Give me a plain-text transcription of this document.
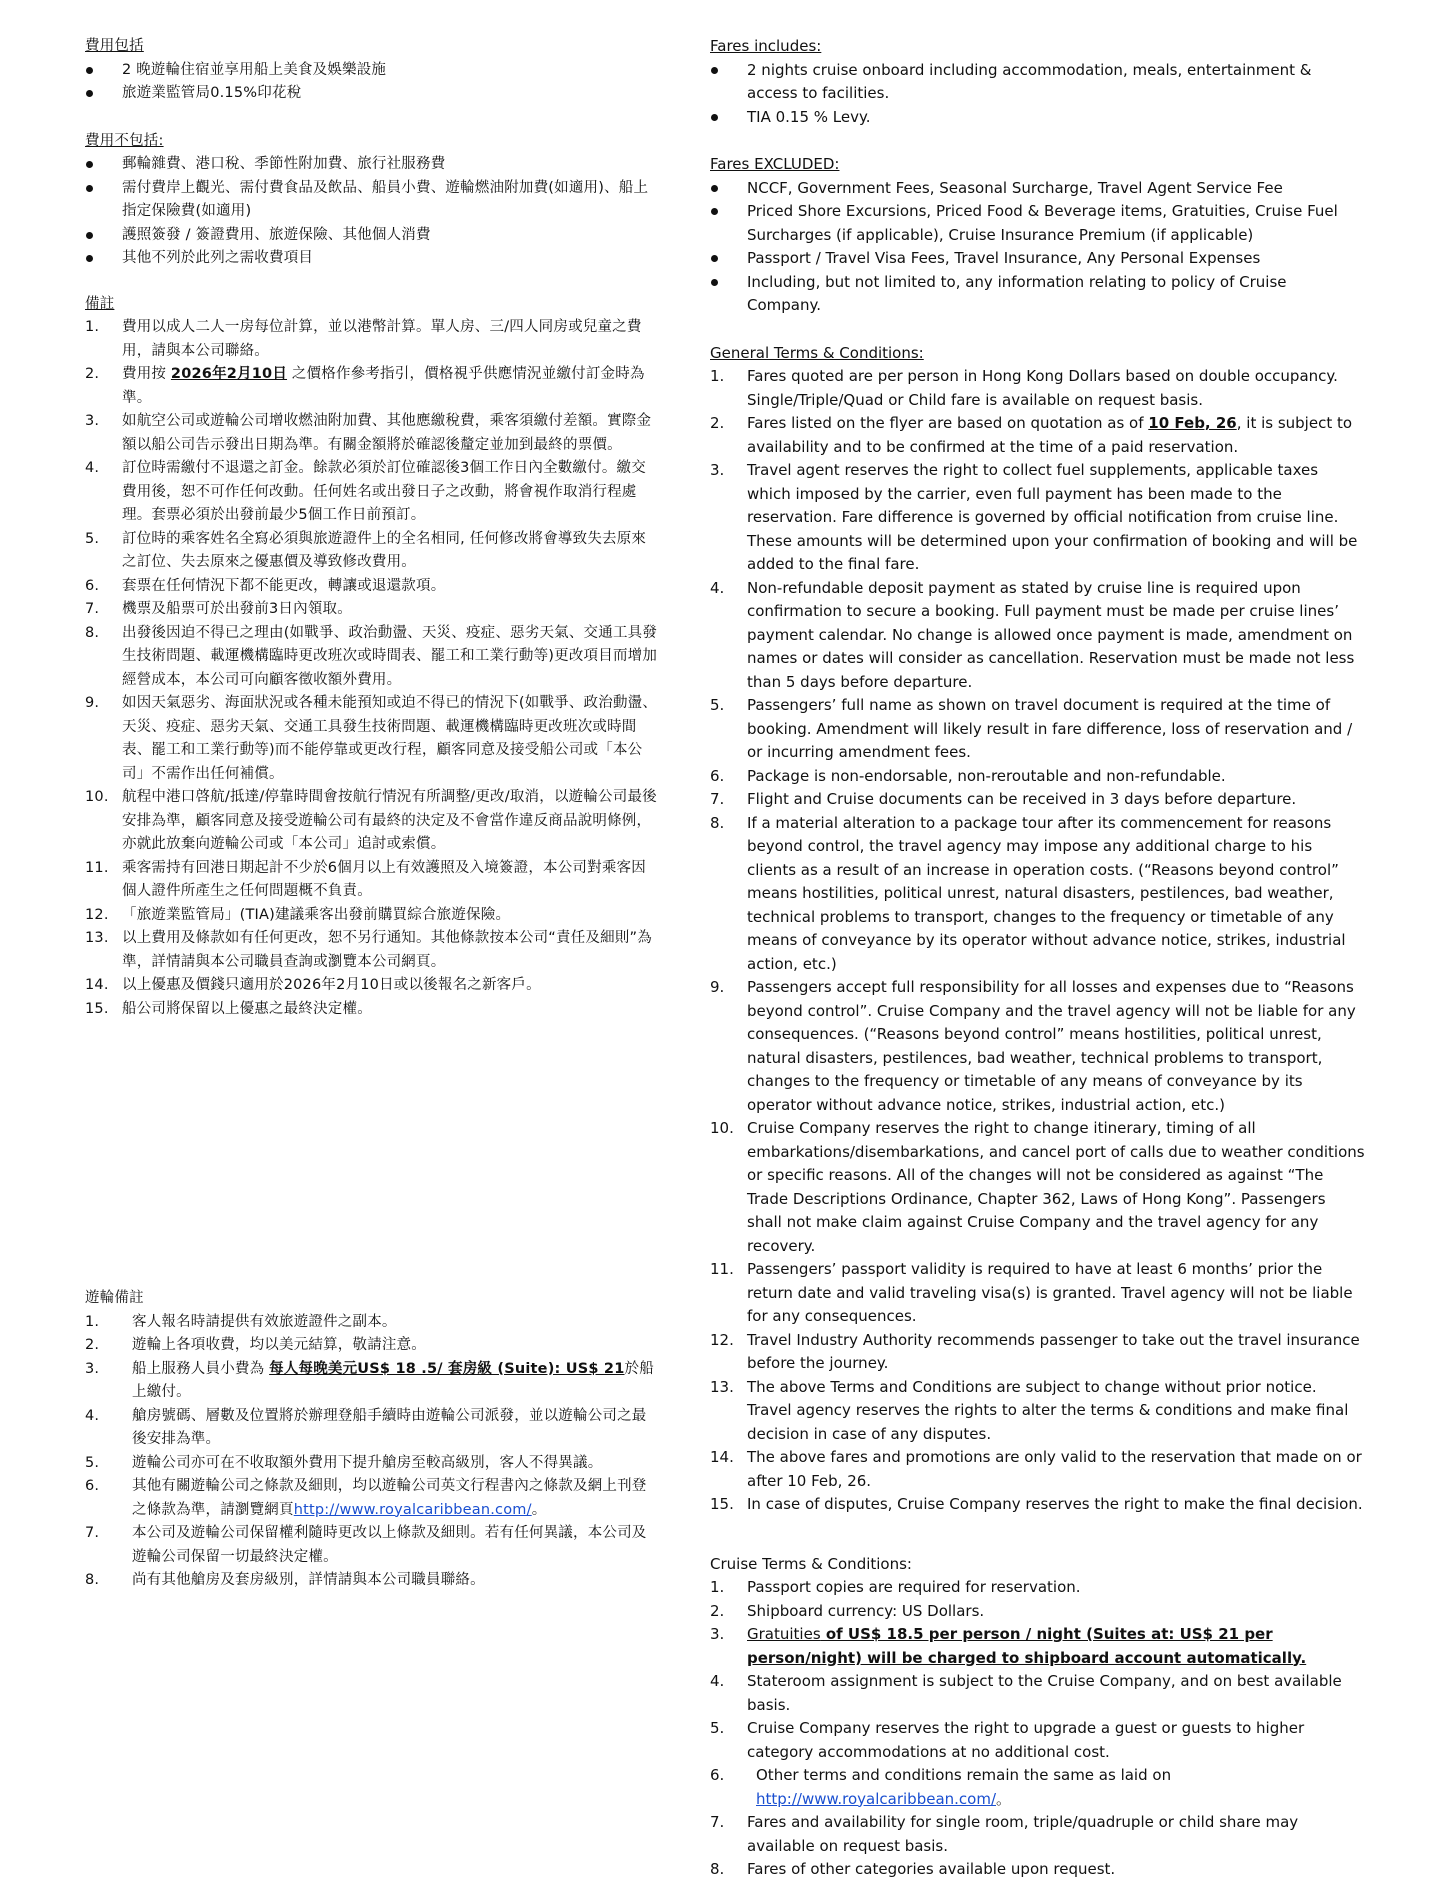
費用包括

2 晚遊輪住宿並享用船上美食及娛樂設施
旅遊業監管局0.15%印花稅

費用不包括:

郵輪雜費、港口稅、季節性附加費、旅行社服務費
需付費岸上觀光、需付費食品及飲品、船員小費、遊輪燃油附加費(如適用)、船上指定保險費(如適用)
護照簽發 / 簽證費用、旅遊保險、其他個人消費
其他不列於此列之需收費項目

備註

1. 費用以成人二人一房每位計算，並以港幣計算。單人房、三/四人同房或兒童之費用，請與本公司聯絡。
2. 費用按 2026年2月10日 之價格作參考指引，價格視乎供應情況並繳付訂金時為準。
3. 如航空公司或遊輪公司增收燃油附加費、其他應繳稅費，乘客須繳付差額。實際金額以船公司告示發出日期為準。有關金額將於確認後釐定並加到最終的票價。
4. 訂位時需繳付不退還之訂金。餘款必須於訂位確認後3個工作日內全數繳付。繳交費用後，恕不可作任何改動。任何姓名或出發日子之改動，將會視作取消行程處理。套票必須於出發前最少5個工作日前預訂。
5. 訂位時的乘客姓名全寫必須與旅遊證件上的全名相同, 任何修改將會導致失去原來之訂位、失去原來之優惠價及導致修改費用。
6. 套票在任何情況下都不能更改，轉讓或退還款項。
7. 機票及船票可於出發前3日內領取。
8. 出發後因迫不得已之理由(如戰爭、政治動盪、天災、疫症、惡劣天氣、交通工具發生技術問題、載運機構臨時更改班次或時間表、罷工和工業行動等)更改項目而增加經營成本，本公司可向顧客徵收額外費用。
9. 如因天氣惡劣、海面狀況或各種未能預知或迫不得已的情況下(如戰爭、政治動盪、天災、疫症、惡劣天氣、交通工具發生技術問題、載運機構臨時更改班次或時間表、罷工和工業行動等)而不能停靠或更改行程，顧客同意及接受船公司或「本公司」不需作出任何補償。
10. 航程中港口啓航/抵達/停靠時間會按航行情況有所調整/更改/取消，以遊輪公司最後安排為準，顧客同意及接受遊輪公司有最終的決定及不會當作違反商品說明條例，亦就此放棄向遊輪公司或「本公司」追討或索償。
11. 乘客需持有回港日期起計不少於6個月以上有效護照及入境簽證，本公司對乘客因個人證件所產生之任何問題概不負責。
12. 「旅遊業監管局」(TIA)建議乘客出發前購買綜合旅遊保險。
13. 以上費用及條款如有任何更改，恕不另行通知。其他條款按本公司“責任及細則”為準，詳情請與本公司職員查詢或瀏覽本公司網頁。
14. 以上優惠及價錢只適用於2026年2月10日或以後報名之新客戶。
15. 船公司將保留以上優惠之最終決定權。

遊輪備註

1. 客人報名時請提供有效旅遊證件之副本。
2. 遊輪上各項收費，均以美元結算，敬請注意。
3. 船上服務人員小費為 每人每晚美元US$ 18 .5/ 套房級 (Suite): US$ 21於船上繳付。
4. 艙房號碼、層數及位置將於辦理登船手續時由遊輪公司派發，並以遊輪公司之最後安排為準。
5. 遊輪公司亦可在不收取額外費用下提升艙房至較高級別，客人不得異議。
6. 其他有關遊輪公司之條款及細則，均以遊輪公司英文行程書內之條款及網上刊登之條款為準，請瀏覽網頁http://www.royalcaribbean.com/。
7. 本公司及遊輪公司保留權利隨時更改以上條款及細則。若有任何異議，本公司及遊輪公司保留一切最終決定權。
8. 尚有其他艙房及套房級別，詳情請與本公司職員聯絡。

Fares includes:

2 nights cruise onboard including accommodation, meals, entertainment & access to facilities.
TIA 0.15 % Levy.

Fares EXCLUDED:

NCCF, Government Fees, Seasonal Surcharge, Travel Agent Service Fee
Priced Shore Excursions, Priced Food & Beverage items, Gratuities, Cruise Fuel Surcharges (if applicable), Cruise Insurance Premium (if applicable)
Passport / Travel Visa Fees, Travel Insurance, Any Personal Expenses
Including, but not limited to, any information relating to policy of Cruise Company.

General Terms & Conditions:

1. Fares quoted are per person in Hong Kong Dollars based on double occupancy. Single/Triple/Quad or Child fare is available on request basis.
2. Fares listed on the flyer are based on quotation as of 10 Feb, 26, it is subject to availability and to be confirmed at the time of a paid reservation.
3. Travel agent reserves the right to collect fuel supplements, applicable taxes which imposed by the carrier, even full payment has been made to the reservation. Fare difference is governed by official notification from cruise line. These amounts will be determined upon your confirmation of booking and will be added to the final fare.
4. Non-refundable deposit payment as stated by cruise line is required upon confirmation to secure a booking. Full payment must be made per cruise lines’ payment calendar. No change is allowed once payment is made, amendment on names or dates will consider as cancellation. Reservation must be made not less than 5 days before departure.
5. Passengers’ full name as shown on travel document is required at the time of booking. Amendment will likely result in fare difference, loss of reservation and / or incurring amendment fees.
6. Package is non-endorsable, non-reroutable and non-refundable.
7. Flight and Cruise documents can be received in 3 days before departure.
8. If a material alteration to a package tour after its commencement for reasons beyond control, the travel agency may impose any additional charge to his clients as a result of an increase in operation costs. (“Reasons beyond control” means hostilities, political unrest, natural disasters, pestilences, bad weather, technical problems to transport, changes to the frequency or timetable of any means of conveyance by its operator without advance notice, strikes, industrial action, etc.)
9. Passengers accept full responsibility for all losses and expenses due to “Reasons beyond control”. Cruise Company and the travel agency will not be liable for any consequences. (“Reasons beyond control” means hostilities, political unrest, natural disasters, pestilences, bad weather, technical problems to transport, changes to the frequency or timetable of any means of conveyance by its operator without advance notice, strikes, industrial action, etc.)
10. Cruise Company reserves the right to change itinerary, timing of all embarkations/disembarkations, and cancel port of calls due to weather conditions or specific reasons. All of the changes will not be considered as against “The Trade Descriptions Ordinance, Chapter 362, Laws of Hong Kong”. Passengers shall not make claim against Cruise Company and the travel agency for any recovery.
11. Passengers’ passport validity is required to have at least 6 months’ prior the return date and valid traveling visa(s) is granted. Travel agency will not be liable for any consequences.
12. Travel Industry Authority recommends passenger to take out the travel insurance before the journey.
13. The above Terms and Conditions are subject to change without prior notice. Travel agency reserves the rights to alter the terms & conditions and make final decision in case of any disputes.
14. The above fares and promotions are only valid to the reservation that made on or after 10 Feb, 26.
15. In case of disputes, Cruise Company reserves the right to make the final decision.

Cruise Terms & Conditions:

1. Passport copies are required for reservation.
2. Shipboard currency: US Dollars.
3. Gratuities of US$ 18.5 per person / night (Suites at: US$ 21 per person/night) will be charged to shipboard account automatically.
4. Stateroom assignment is subject to the Cruise Company, and on best available basis.
5. Cruise Company reserves the right to upgrade a guest or guests to higher category accommodations at no additional cost.
6.	Other terms and conditions remain the same as laid on
http://www.royalcaribbean.com/。
7. Fares and availability for single room, triple/quadruple or child share may available on request basis.
8. Fares of other categories available upon request.
